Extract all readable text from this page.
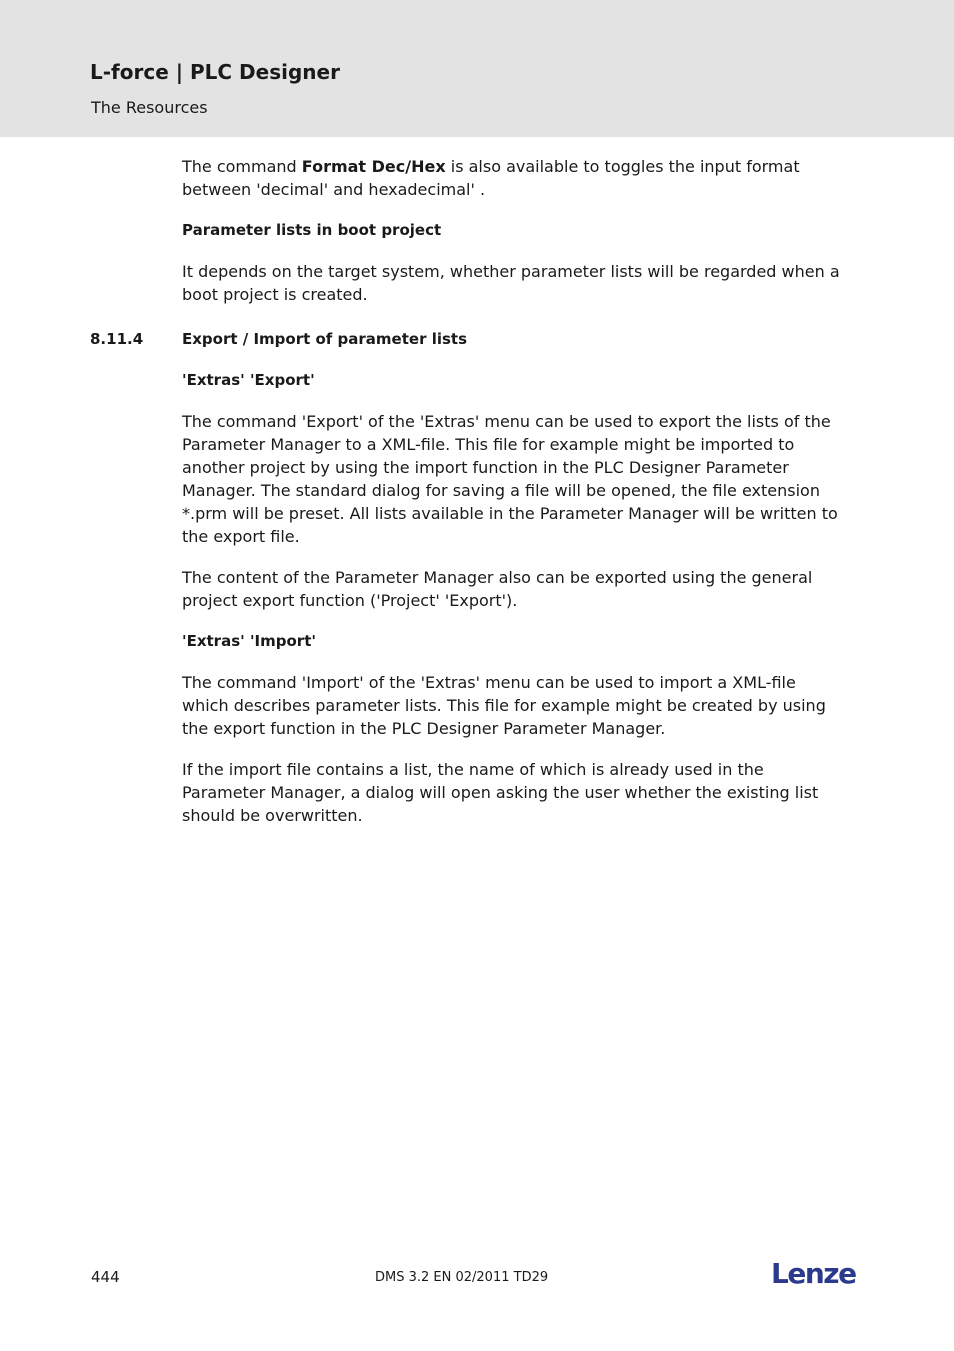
L-force | PLC Designer
The Resources

The command Format Dec/Hex is also available to toggles the input format between 'decimal' and hexadecimal' .

Parameter lists in boot project

It depends on the target system, whether parameter lists will be regarded when a boot project is created.

8.11.4	Export / Import of parameter lists
'Extras' 'Export'

The command 'Export' of the 'Extras' menu can be used to export the lists of the Parameter Manager to a XML-file. This file for example might be imported to another project by using the import function in the PLC Designer Parameter Manager. The standard dialog for saving a file will be opened, the file extension *.prm will be preset. All lists available in the Parameter Manager will be written to the export file.

The content of the Parameter Manager also can be exported using the general project export function ('Project' 'Export').

'Extras' 'Import'

The command 'Import' of the 'Extras' menu can be used to import a XML-file which describes parameter lists. This file for example might be created by using the export function in the PLC Designer Parameter Manager.

If the import file contains a list, the name of which is already used in the Parameter Manager, a dialog will open asking the user whether the existing list should be overwritten.

444	DMS 3.2 EN 02/2011 TD29	Lenze
